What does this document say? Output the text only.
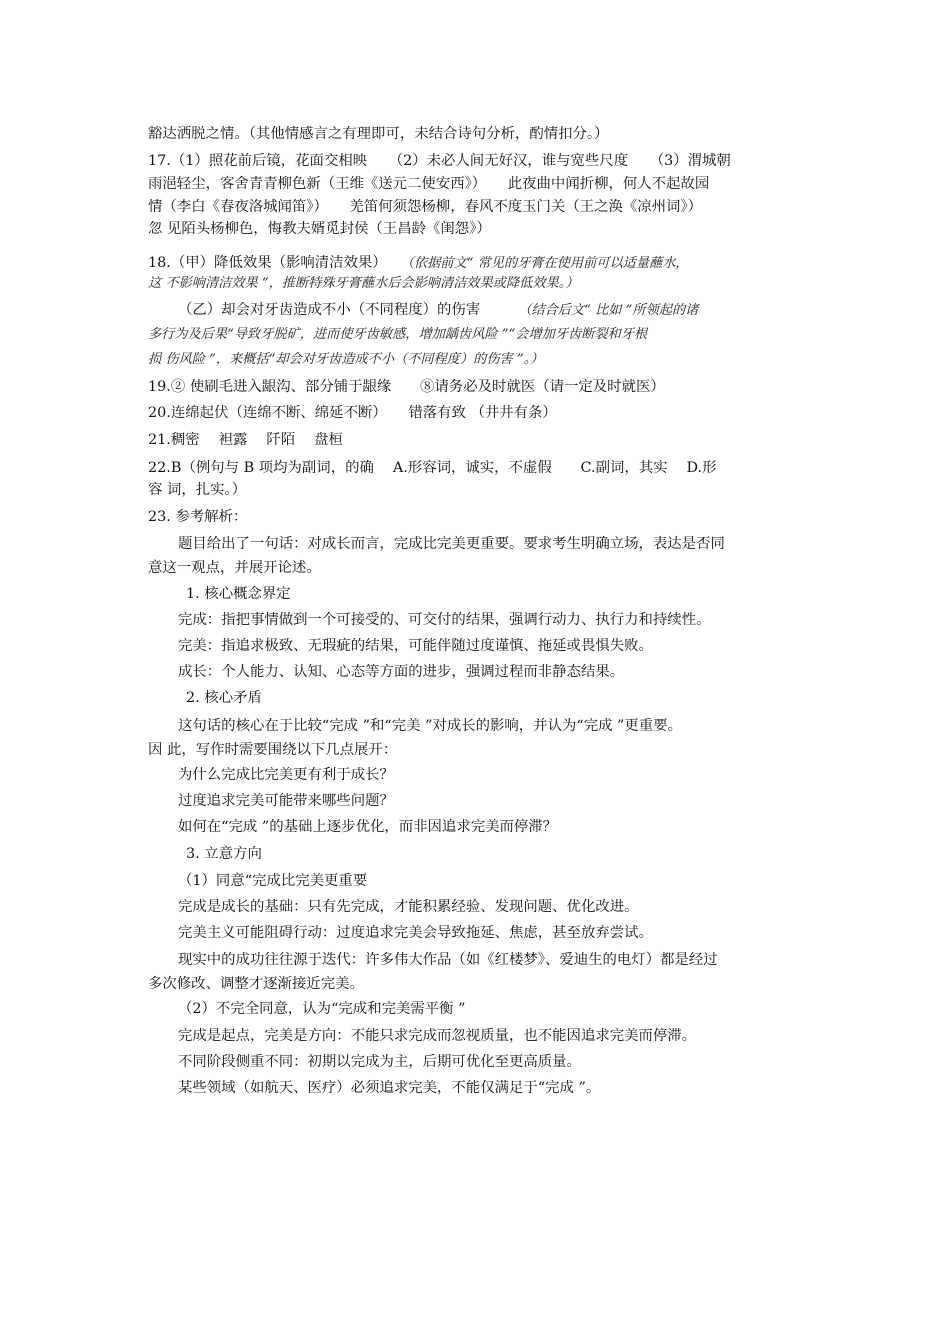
豁达洒脱之情。（其他情感言之有理即可，未结合诗句分析，酌情扣分。）
17.（1）照花前后镜，花面交相映　　（2）未必人间无好汉，谁与宽些尺度　　（3）渭城朝
雨浥轻尘，客舍青青柳色新（王维《送元二使安西》）　　此夜曲中闻折柳，何人不起故园
情（李白《春夜洛城闻笛》）　　羌笛何须怨杨柳，春风不度玉门关（王之涣《凉州词》）
忽 见陌头杨柳色，悔教夫婿觅封侯（王昌龄《闺怨》）
18.（甲）降低效果（影响清洁效果） （依据前文“ 常见的牙膏在使用前可以适量蘸水，
这 不影响清洁效果 ”，推断特殊牙膏蘸水后会影响清洁效果或降低效果。）
（乙）却会对牙齿造成不小（不同程度）的伤害	（结合后文“ 比如 ”所领起的诸
多行为及后果“导致牙脱矿，进而使牙齿敏感，增加龋齿风险 ”“会增加牙齿断裂和牙根
损 伤风险 ”，来概括“却会对牙齿造成不小（不同程度）的伤害 ”。）
19.② 使刷毛进入龈沟、部分铺于龈缘　　⑧请务必及时就医（请一定及时就医）
20.连绵起伏（连绵不断、绵延不断）　　错落有致 （井井有条）
21.稠密　 袒露　 阡陌　 盘桓
22.B（例句与 B 项均为副词，的确　 A.形容词，诚实，不虚假　　C.副词，其实　 D.形
容 词，扎实。）
23. 参考解析：
题目给出了一句话：对成长而言，完成比完美更重要。要求考生明确立场，表达是否同
意这一观点，并展开论述。
1. 核心概念界定
完成：指把事情做到一个可接受的、可交付的结果，强调行动力、执行力和持续性。
完美：指追求极致、无瑕疵的结果，可能伴随过度谨慎、拖延或畏惧失败。
成长：个人能力、认知、心态等方面的进步，强调过程而非静态结果。
2. 核心矛盾
这句话的核心在于比较“完成 ”和“完美 ”对成长的影响，并认为“完成 ”更重要。
因 此，写作时需要围绕以下几点展开：
为什么完成比完美更有利于成长？
过度追求完美可能带来哪些问题？
如何在“完成 ”的基础上逐步优化，而非因追求完美而停滞？
3. 立意方向
（1）同意“完成比完美更重要
完成是成长的基础：只有先完成，才能积累经验、发现问题、优化改进。
完美主义可能阻碍行动：过度追求完美会导致拖延、焦虑，甚至放弃尝试。
现实中的成功往往源于迭代：许多伟大作品（如《红楼梦》、爱迪生的电灯）都是经过
多次修改、调整才逐渐接近完美。
（2）不完全同意，认为“完成和完美需平衡 ”
完成是起点，完美是方向：不能只求完成而忽视质量，也不能因追求完美而停滞。
不同阶段侧重不同：初期以完成为主，后期可优化至更高质量。
某些领域（如航天、医疗）必须追求完美，不能仅满足于“完成 ”。
